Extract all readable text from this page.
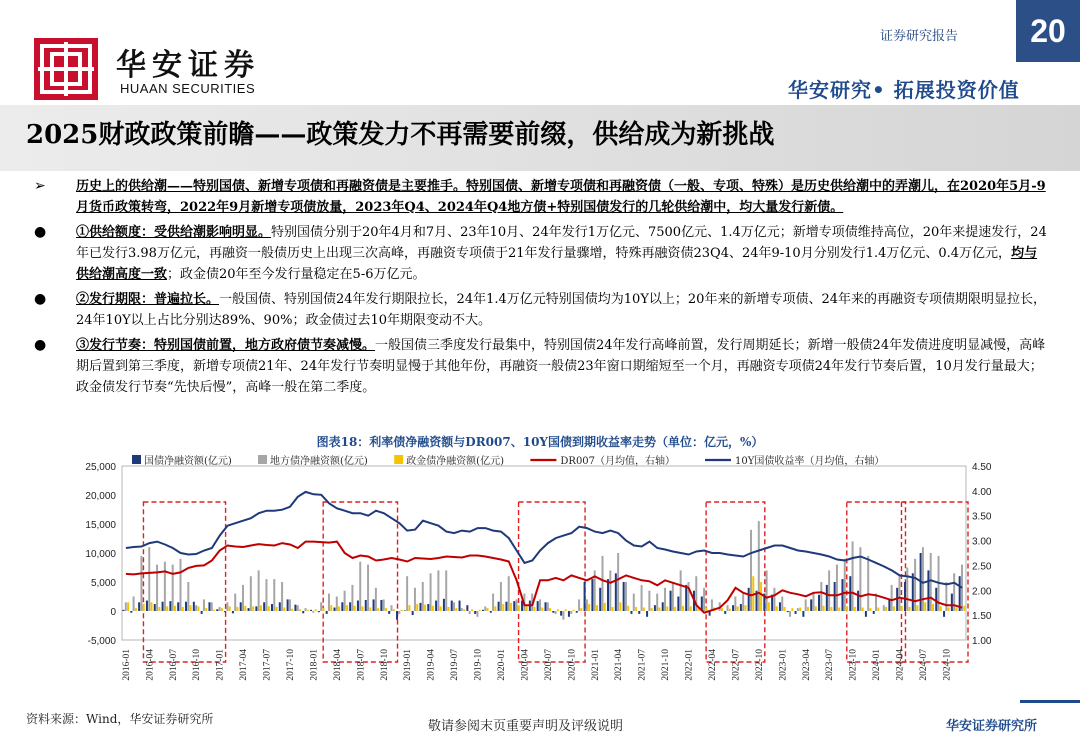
华安证券
HUAAN SECURITIES
证券研究报告	20
华安研究• 拓展投资价值
2025财政政策前瞻——政策发力不再需要前缀，供给成为新挑战
➢ 历史上的供给潮——特别国债、新增专项债和再融资债是主要推手。特别国债、新增专项债和再融资债（一般、专项、特殊）是历史供给潮中的弄潮儿，在2020年5月-9月货币政策转弯，2022年9月新增专项债放量，2023年Q4、2024年Q4地方债+特别国债发行的几轮供给潮中，均大量发行新债。
● ①供给额度：受供给潮影响明显。特别国债分别于20年4月和7月、23年10月、24年发行1万亿元、7500亿元、1.4万亿元；新增专项债维持高位，20年来提速发行，24年已发行3.98万亿元，再融资一般债历史上出现三次高峰，再融资专项债于21年发行量骤增，特殊再融资债23Q4、24年9-10月分别发行1.4万亿元、0.4万亿元，均与供给潮高度一致；政金债20年至今发行量稳定在5-6万亿元。
● ②发行期限：普遍拉长。一般国债、特别国债24年发行期限拉长，24年1.4万亿元特别国债均为10Y以上；20年来的新增专项债、24年来的再融资专项债期限明显拉长，24年10Y以上占比分别达89%、90%；政金债过去10年期限变动不大。
● ③发行节奏：特别国债前置，地方政府债节奏减慢。一般国债三季度发行最集中，特别国债24年发行高峰前置，发行周期延长；新增一般债24年发债进度明显减慢，高峰期后置到第三季度，新增专项债21年、24年发行节奏明显慢于其他年份，再融资一般债23年窗口期缩短至一个月，再融资专项债24年发行节奏后置，10月发行量最大；政金债发行节奏“先快后慢”，高峰一般在第二季度。
图表18：利率债净融资额与DR007、10Y国债到期收益率走势（单位：亿元，%）
25,000
20,000
15,000
10,000
5,000
0
-5,000
4.50
4.00
3.50
3.00
2.50
2.00
1.50
1.00
2016-01 2016-04 2016-07 2016-10 2017-01 2017-04 2017-07 2017-10 2018-01 2018-04 2018-07 2018-10 2019-01 2019-04 2019-07 2019-10 2020-01 2020-04 2020-07 2020-10 2021-01 2021-04 2021-07 2021-10 2022-01 2022-04 2022-07 2022-10 2023-01 2023-04 2023-07 2023-10 2024-01 2024-04 2024-07 2024-10
国债净融资额(亿元)	地方债净融资额(亿元)	政金债净融资额(亿元)	DR007（月均值，右轴）	10Y国债收益率（月均值，右轴）
资料来源：Wind，华安证券研究所	敬请参阅末页重要声明及评级说明	华安证券研究所
